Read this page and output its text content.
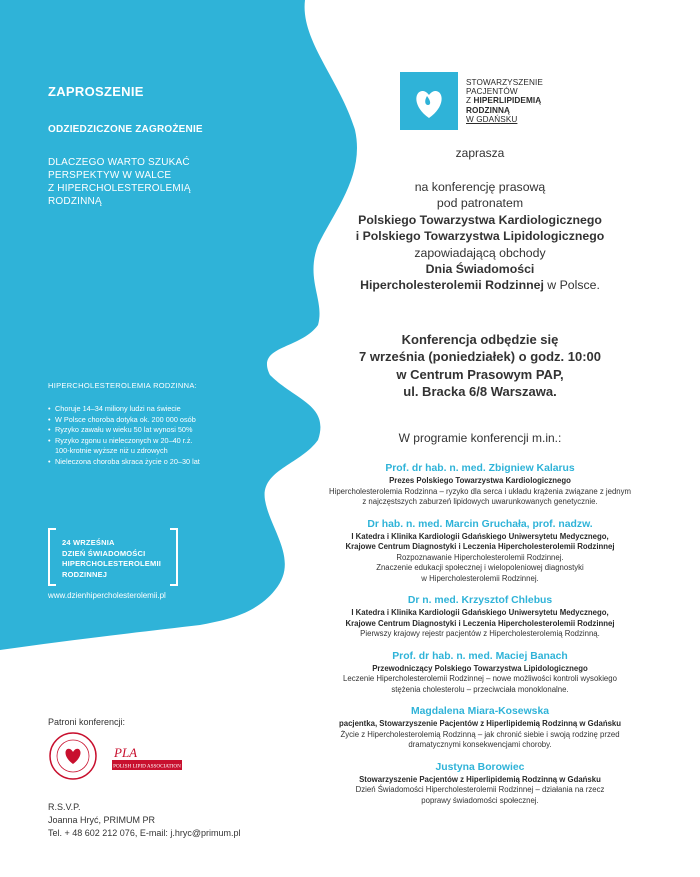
ZAPROSZENIE
ODZIEDZICZONE ZAGROŻENIE
DLACZEGO WARTO SZUKAĆ
PERSPEKTYW W WALCE
Z HIPERCHOLESTEROLEMIĄ
RODZINNĄ
HIPERCHOLESTEROLEMIA RODZINNA:
• Choruje 14–34 miliony ludzi na świecie
• W Polsce choroba dotyka ok. 200 000 osób
• Ryzyko zawału w wieku 50 lat wynosi 50%
• Ryzyko zgonu u nieleczonych w 20–40 r.ż.
100-krotnie wyższe niż u zdrowych
• Nieleczona choroba skraca życie o 20–30 lat
24 WRZEŚNIA
DZIEŃ ŚWIADOMOŚCI
HIPERCHOLESTEROLEMII
RODZINNEJ
www.dzienhipercholesterolemii.pl
Patroni konferencji:
PLA
POLISH LIPID ASSOCIATION
R.S.V.P.
Joanna Hryć, PRIMUM PR
Tel. + 48 602 212 076, E-mail: j.hryc@primum.pl
STOWARZYSZENIE
PACJENTÓW
Z HIPERLIPIDEMIĄ
RODZINNĄ
W GDAŃSKU
zaprasza
na konferencję prasową
pod patronatem
Polskiego Towarzystwa Kardiologicznego
i Polskiego Towarzystwa Lipidologicznego
zapowiadającą obchody
Dnia Świadomości
Hipercholesterolemii Rodzinnej w Polsce.
Konferencja odbędzie się
7 września (poniedziałek) o godz. 10:00
w Centrum Prasowym PAP,
ul. Bracka 6/8 Warszawa.
W programie konferencji m.in.:
Prof. dr hab. n. med. Zbigniew Kalarus
Prezes Polskiego Towarzystwa Kardiologicznego
Hipercholesterolemia Rodzinna – ryzyko dla serca i układu krążenia związane z jednym
z najczęstszych zaburzeń lipidowych uwarunkowanych genetycznie.
Dr hab. n. med. Marcin Gruchała, prof. nadzw.
I Katedra i Klinika Kardiologii Gdańskiego Uniwersytetu Medycznego,
Krajowe Centrum Diagnostyki i Leczenia Hipercholesterolemii Rodzinnej
Rozpoznawanie Hipercholesterolemii Rodzinnej.
Znaczenie edukacji społecznej i wielopoleniowej diagnostyki
w Hipercholesterolemii Rodzinnej.
Dr n. med. Krzysztof Chlebus
I Katedra i Klinika Kardiologii Gdańskiego Uniwersytetu Medycznego,
Krajowe Centrum Diagnostyki i Leczenia Hipercholesterolemii Rodzinnej
Pierwszy krajowy rejestr pacjentów z Hipercholesterolemią Rodzinną.
Prof. dr hab. n. med. Maciej Banach
Przewodniczący Polskiego Towarzystwa Lipidologicznego
Leczenie Hipercholesterolemii Rodzinnej – nowe możliwości kontroli wysokiego
stężenia cholesterolu – przeciwciała monoklonalne.
Magdalena Miara-Kosewska
pacjentka, Stowarzyszenie Pacjentów z Hiperlipidemią Rodzinną w Gdańsku
Życie z Hipercholesterolemią Rodzinną – jak chronić siebie i swoją rodzinę przed
dramatycznymi konsekwencjami choroby.
Justyna Borowiec
Stowarzyszenie Pacjentów z Hiperlipidemią Rodzinną w Gdańsku
Dzień Świadomości Hipercholesterolemii Rodzinnej – działania na rzecz
poprawy świadomości społecznej.
